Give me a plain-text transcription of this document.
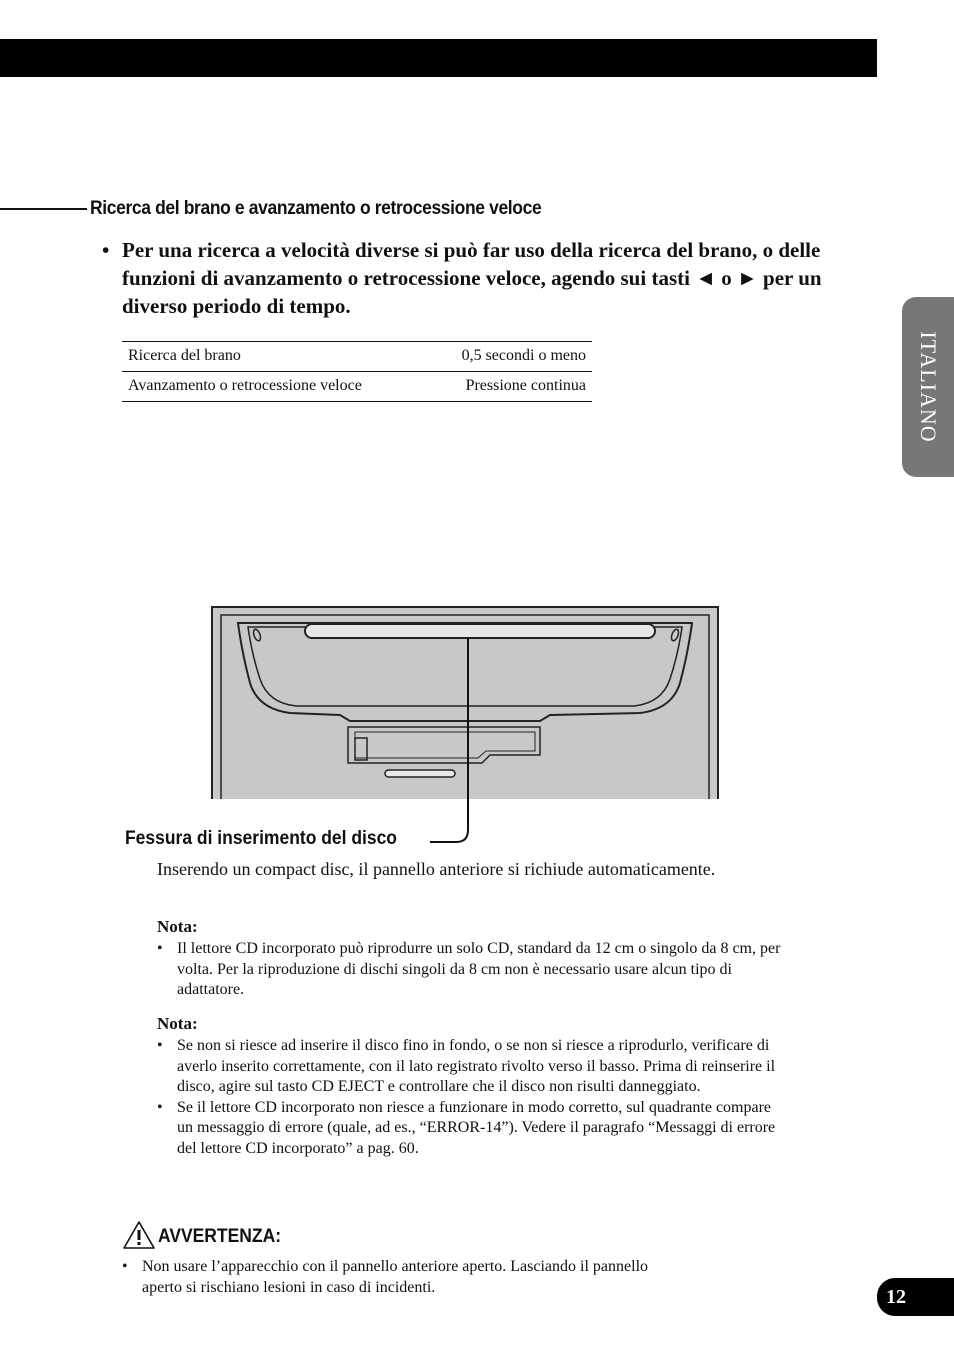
Ricerca del brano e avanzamento o retrocessione veloce
• Per una ricerca a velocità diverse si può far uso della ricerca del brano, o delle funzioni di avanzamento o retrocessione veloce, agendo sui tasti ◄ o ► per un diverso periodo di tempo.
Ricerca del brano	0,5 secondi o meno
Avanzamento o retrocessione veloce	Pressione continua	ITALIANO
Fessura di inserimento del disco
Inserendo un compact disc, il pannello anteriore si richiude automaticamente.
Nota:
• Il lettore CD incorporato può riprodurre un solo CD, standard da 12 cm o singolo da 8 cm, per volta. Per la riproduzione di dischi singoli da 8 cm non è necessario usare alcun tipo di adattatore.
Nota:
• Se non si riesce ad inserire il disco fino in fondo, o se non si riesce a riprodurlo, verificare di averlo inserito correttamente, con il lato registrato rivolto verso il basso. Prima di reinserire il disco, agire sul tasto CD EJECT e controllare che il disco non risulti danneggiato.
• Se il lettore CD incorporato non riesce a funzionare in modo corretto, sul quadrante compare un messaggio di errore (quale, ad es., “ERROR-14”). Vedere il paragrafo “Messaggi di errore del lettore CD incorporato” a pag. 60.
AVVERTENZA:
• Non usare l’apparecchio con il pannello anteriore aperto. Lasciando il pannello aperto si rischiano lesioni in caso di incidenti.	12
